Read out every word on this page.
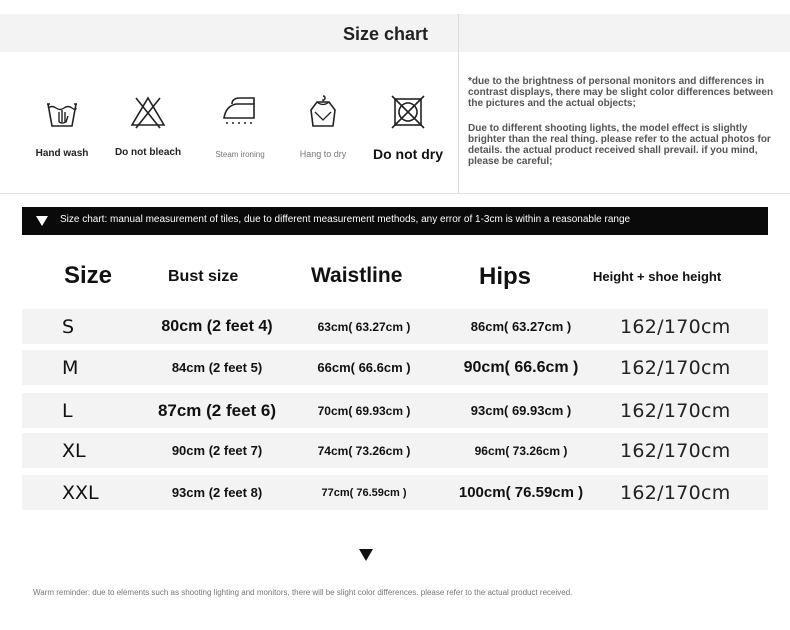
Size chart
Hand wash	Do not bleach	Steam ironing	Hang to dry	Do not dry
*due to the brightness of personal monitors and differences in contrast displays, there may be slight color differences between the pictures and the actual objects;
Due to different shooting lights, the model effect is slightly brighter than the real thing. please refer to the actual photos for details. the actual product received shall prevail. if you mind, please be careful;
Size chart: manual measurement of tiles, due to different measurement methods, any error of 1-3cm is within a reasonable range
Size	Bust size	Waistline	Hips	Height + shoe height
S	80cm (2 feet 4)	63cm( 63.27cm )	86cm( 63.27cm )	162/170cm
M	84cm (2 feet 5)	66cm( 66.6cm )	90cm( 66.6cm )	162/170cm
L	87cm (2 feet 6)	70cm( 69.93cm )	93cm( 69.93cm )	162/170cm
XL	90cm (2 feet 7)	74cm( 73.26cm )	96cm( 73.26cm )	162/170cm
XXL	93cm (2 feet 8)	77cm( 76.59cm )	100cm( 76.59cm )	162/170cm
Warm reminder: due to elements such as shooting lighting and monitors, there will be slight color differences. please refer to the actual product received.
